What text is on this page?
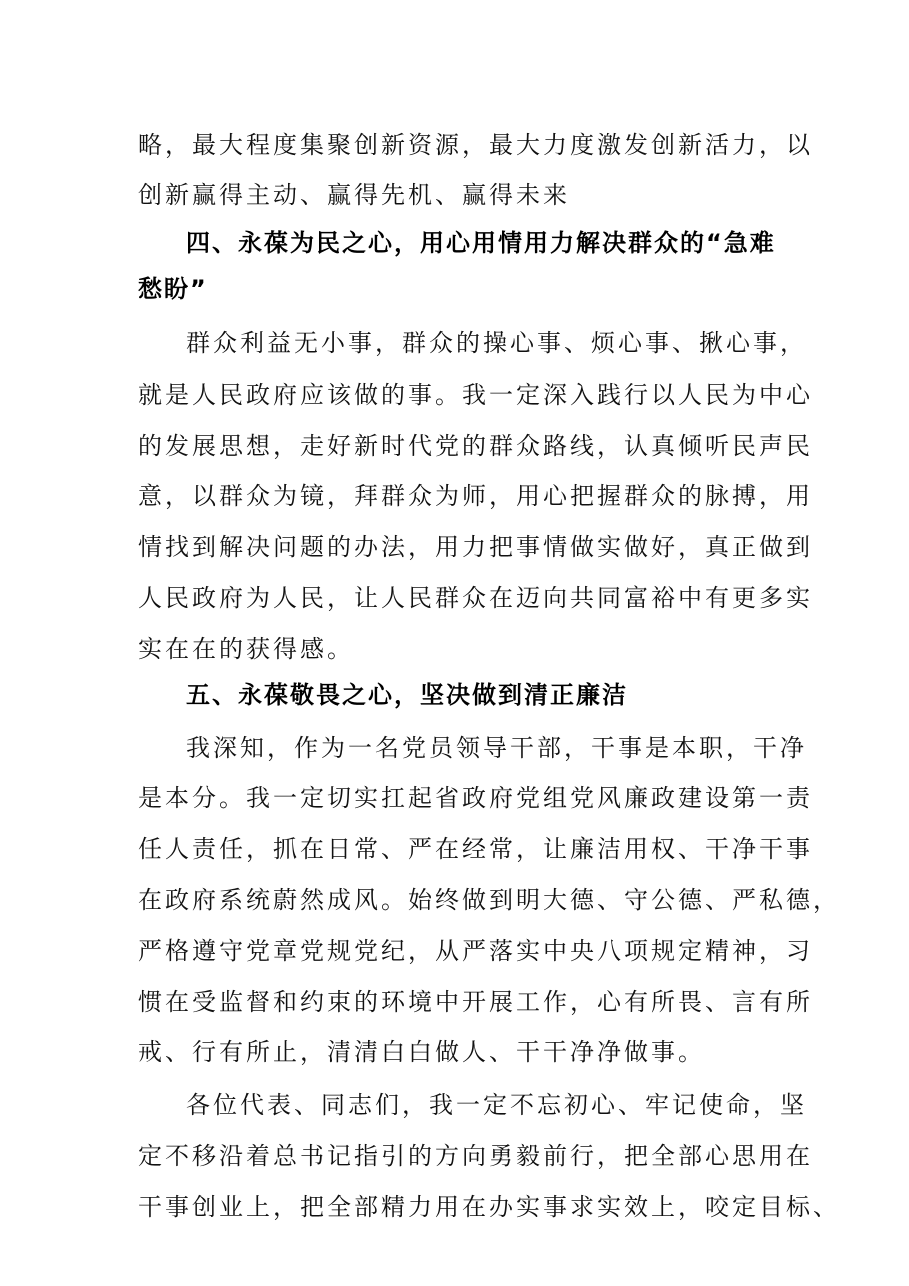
略，最大程度集聚创新资源，最大力度激发创新活力，以
创新赢得主动、赢得先机、赢得未来
四、永葆为民之心，用心用情用力解决群众的“急难
愁盼”
群众利益无小事，群众的操心事、烦心事、揪心事，
就是人民政府应该做的事。我一定深入践行以人民为中心
的发展思想，走好新时代党的群众路线，认真倾听民声民
意，以群众为镜，拜群众为师，用心把握群众的脉搏，用
情找到解决问题的办法，用力把事情做实做好，真正做到
人民政府为人民，让人民群众在迈向共同富裕中有更多实
实在在的获得感。
五、永葆敬畏之心，坚决做到清正廉洁
我深知，作为一名党员领导干部，干事是本职，干净
是本分。我一定切实扛起省政府党组党风廉政建设第一责
任人责任，抓在日常、严在经常，让廉洁用权、干净干事
在政府系统蔚然成风。始终做到明大德、守公德、严私德，
严格遵守党章党规党纪，从严落实中央八项规定精神，习
惯在受监督和约束的环境中开展工作，心有所畏、言有所
戒、行有所止，清清白白做人、干干净净做事。
各位代表、同志们，我一定不忘初心、牢记使命，坚
定不移沿着总书记指引的方向勇毅前行，把全部心思用在
干事创业上，把全部精力用在办实事求实效上，咬定目标、
